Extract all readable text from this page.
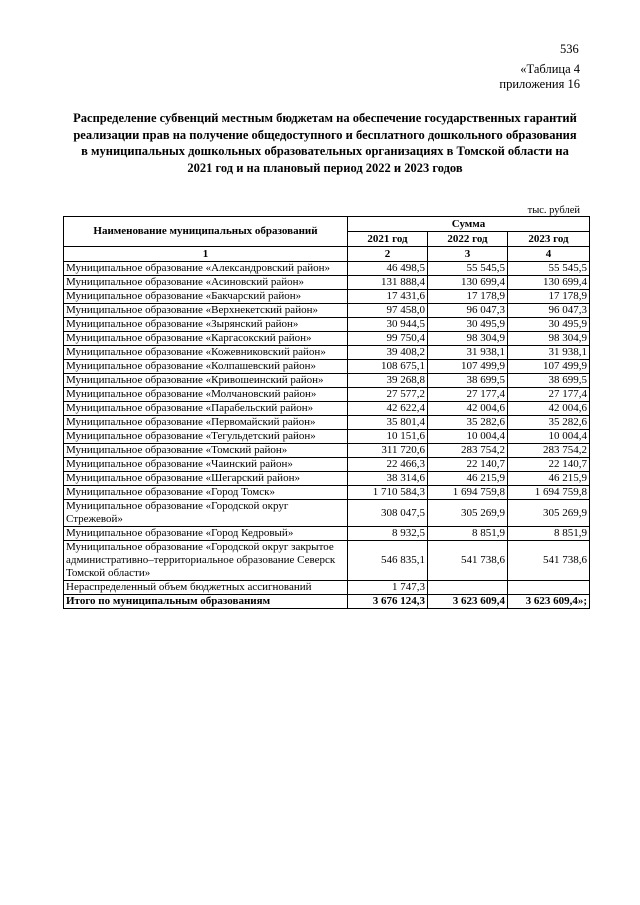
536
«Таблица 4
приложения 16
Распределение субвенций местным бюджетам на обеспечение государственных гарантий реализации прав на получение общедоступного и бесплатного дошкольного образования в муниципальных дошкольных образовательных организациях в Томской области на 2021 год и на плановый период 2022 и 2023 годов
тыс. рублей
Наименование муниципальных образований	Сумма		
	2021 год	2022 год	2023 год
1	2	3	4
Муниципальное образование «Александровский район»	46 498,5	55 545,5	55 545,5
Муниципальное образование «Асиновский район»	131 888,4	130 699,4	130 699,4
Муниципальное образование «Бакчарский район»	17 431,6	17 178,9	17 178,9
Муниципальное образование «Верхнекетский район»	97 458,0	96 047,3	96 047,3
Муниципальное образование «Зырянский район»	30 944,5	30 495,9	30 495,9
Муниципальное образование «Каргасокский район»	99 750,4	98 304,9	98 304,9
Муниципальное образование «Кожевниковский район»	39 408,2	31 938,1	31 938,1
Муниципальное образование «Колпашевский район»	108 675,1	107 499,9	107 499,9
Муниципальное образование «Кривошеинский район»	39 268,8	38 699,5	38 699,5
Муниципальное образование «Молчановский район»	27 577,2	27 177,4	27 177,4
Муниципальное образование «Парабельский район»	42 622,4	42 004,6	42 004,6
Муниципальное образование «Первомайский район»	35 801,4	35 282,6	35 282,6
Муниципальное образование «Тегульдетский район»	10 151,6	10 004,4	10 004,4
Муниципальное образование «Томский район»	311 720,6	283 754,2	283 754,2
Муниципальное образование «Чаинский район»	22 466,3	22 140,7	22 140,7
Муниципальное образование «Шегарский район»	38 314,6	46 215,9	46 215,9
Муниципальное образование «Город Томск»	1 710 584,3	1 694 759,8	1 694 759,8
Муниципальное образование «Городской округ Стрежевой»	308 047,5	305 269,9	305 269,9
Муниципальное образование «Город Кедровый»	8 932,5	8 851,9	8 851,9
Муниципальное образование «Городской округ закрытое административно–территориальное образование Северск Томской области»	546 835,1	541 738,6	541 738,6
Нераспределенный объем бюджетных ассигнований	1 747,3		
Итого по муниципальным образованиям	3 676 124,3	3 623 609,4	3 623 609,4»;
